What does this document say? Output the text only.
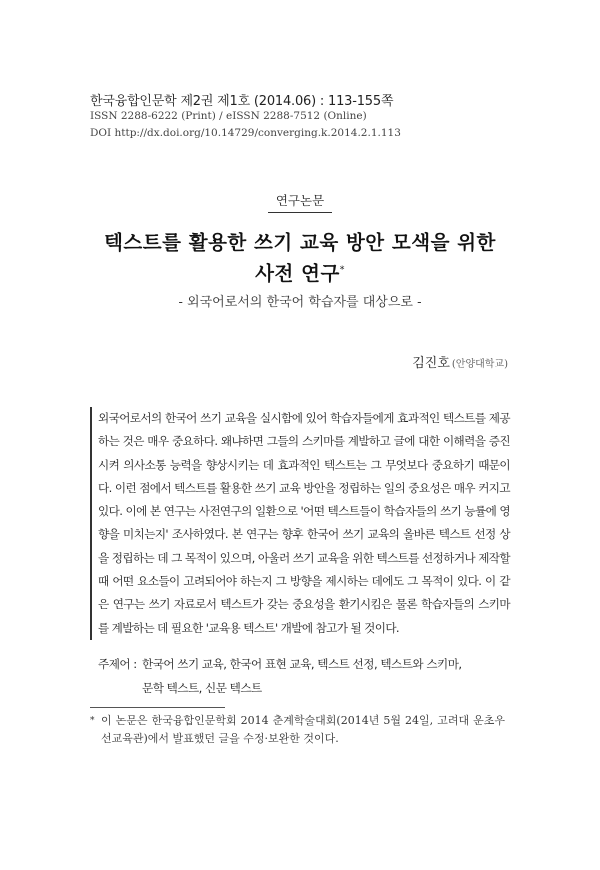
한국융합인문학 제2권 제1호 (2014.06) : 113-155쪽
ISSN 2288-6222 (Print) / eISSN 2288-7512 (Online)
DOI http://dx.doi.org/10.14729/converging.k.2014.2.1.113
연구논문
텍스트를 활용한 쓰기 교육 방안 모색을 위한
사전 연구*
- 외국어로서의 한국어 학습자를 대상으로 -
김진호 (안양대학교)

외국어로서의 한국어 쓰기 교육을 실시함에 있어 학습자들에게 효과적인 텍스트를 제공하는 것은 매우 중요하다. 왜냐하면 그들의 스키마를 계발하고 글에 대한 이해력을 증진시켜 의사소통 능력을 향상시키는 데 효과적인 텍스트는 그 무엇보다 중요하기 때문이다. 이런 점에서 텍스트를 활용한 쓰기 교육 방안을 정립하는 일의 중요성은 매우 커지고 있다. 이에 본 연구는 사전연구의 일환으로 '어떤 텍스트들이 학습자들의 쓰기 능률에 영향을 미치는지' 조사하였다. 본 연구는 향후 한국어 쓰기 교육의 올바른 텍스트 선정 상을 정립하는 데 그 목적이 있으며, 아울러 쓰기 교육을 위한 텍스트를 선정하거나 제작할 때 어떤 요소들이 고려되어야 하는지 그 방향을 제시하는 데에도 그 목적이 있다. 이 같은 연구는 쓰기 자료로서 텍스트가 갖는 중요성을 환기시킴은 물론 학습자들의 스키마를 계발하는 데 필요한 '교육용 텍스트' 개발에 참고가 될 것이다.

주제어 : 한국어 쓰기 교육, 한국어 표현 교육, 텍스트 선정, 텍스트와 스키마,
문학 텍스트, 신문 텍스트
* 이 논문은 한국융합인문학회 2014 춘계학술대회(2014년 5월 24일, 고려대 운초우선교육관)에서 발표했던 글을 수정·보완한 것이다.
